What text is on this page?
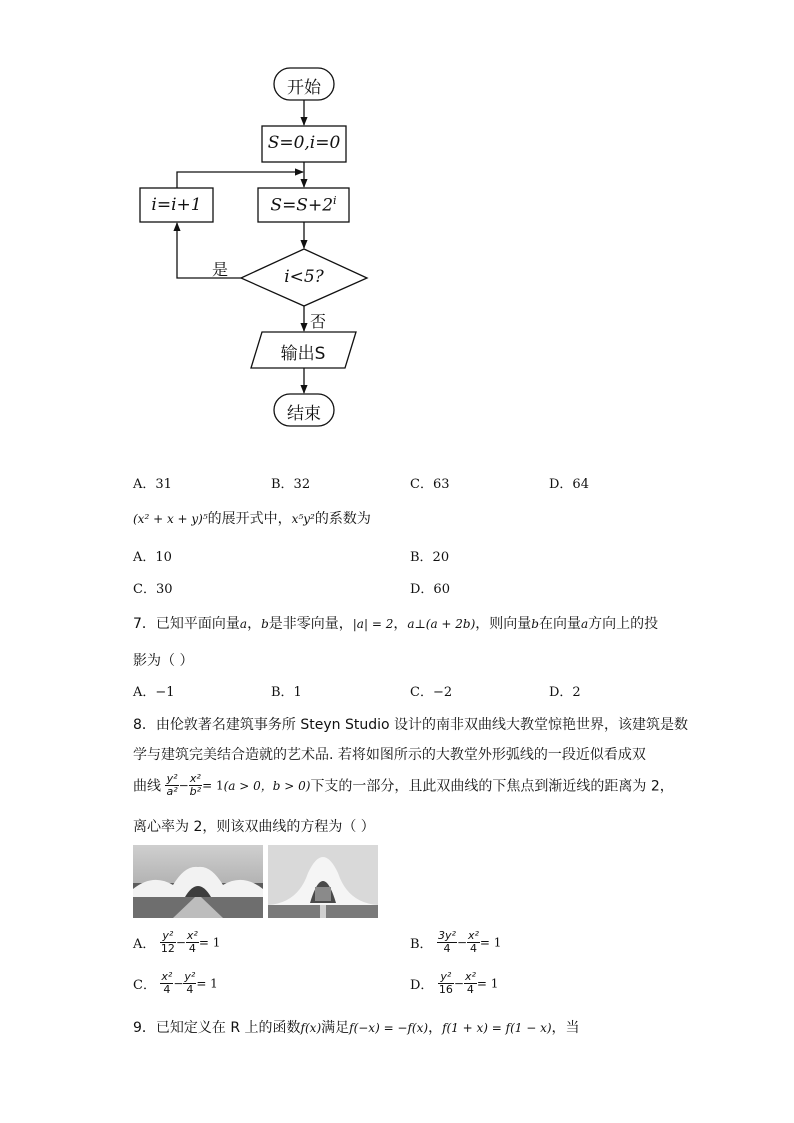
开始
S=0,i=0
i=i+1	$S=S+2^i$
i<5?
是
否
输出S
结束
A．31	B．32	C．63	D．64
(x² + x + y)⁵的展开式中，x⁵y²的系数为
A．10	B．20
C．30	D．60
7．已知平面向量a，b是非零向量，|a| = 2，a⊥(a + 2b)，则向量b在向量a方向上的投
影为（ ）
A．−1	B．1	C．−2	D．2
8．由伦敦著名建筑事务所 Steyn Studio 设计的南非双曲线大教堂惊艳世界，该建筑是数
学与建筑完美结合造就的艺术品. 若将如图所示的大教堂外形弧线的一段近似看成双
曲线 $\frac{\text{y²}}{\text{a²}} - \frac{\text{x²}}{\text{b²}} = 1(a > 0$，b > 0)下支的一部分，且此双曲线的下焦点到渐近线的距离为 2，
离心率为 2，则该双曲线的方程为（ ）
A． $\frac{\text{y²}}{12} - \frac{\text{x²}}{4} = 1$	B． $\frac{\text{3y²}}{4} - \frac{\text{x²}}{4} = 1$
C． $\frac{\text{x²}}{4} - \frac{\text{y²}}{4} = 1$	D． $\frac{\text{y²}}{16} - \frac{\text{x²}}{4} = 1$
9．已知定义在 R 上的函数f(x)满足f(−x) = −f(x)，f(1 + x) = f(1 − x)，当
